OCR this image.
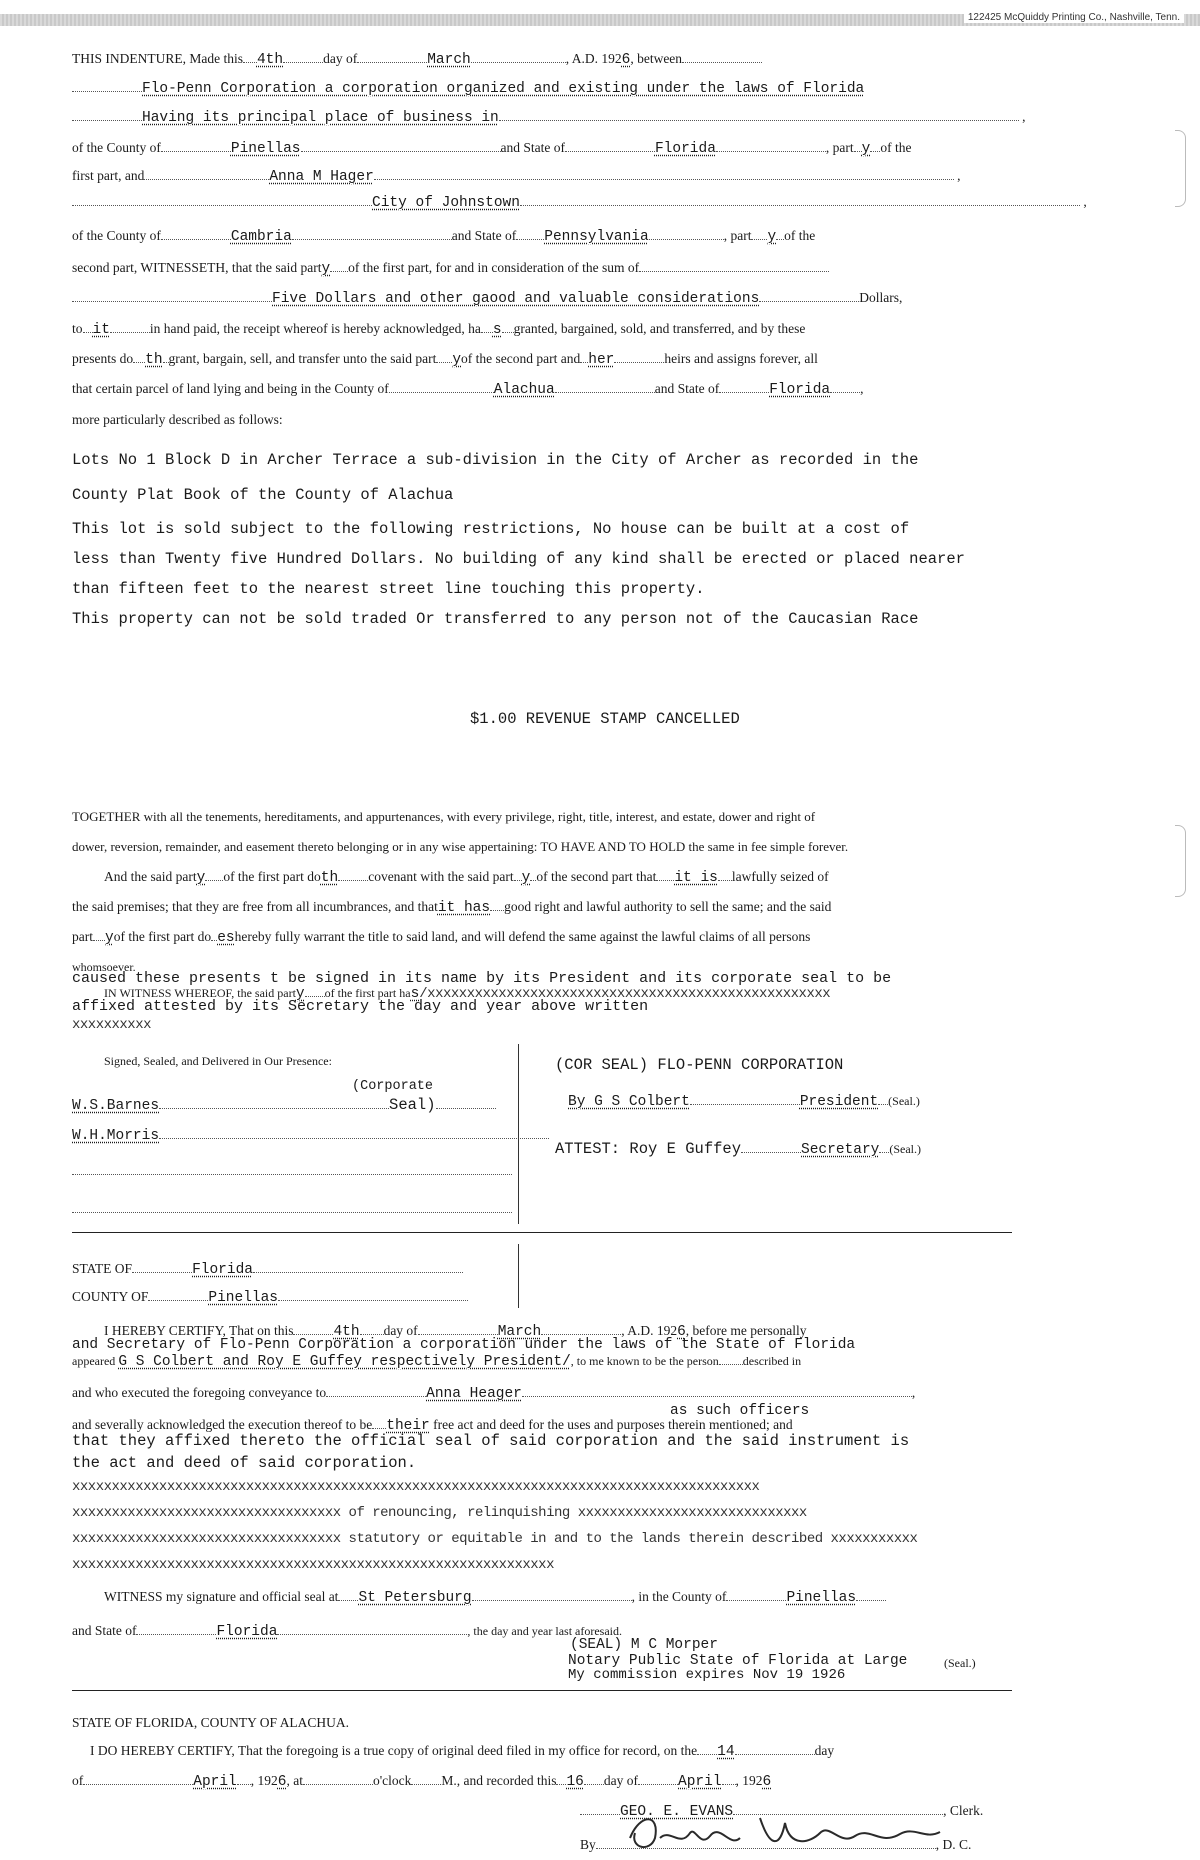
122425 McQuiddy Printing Co., Nashville, Tenn.
THIS INDENTURE, Made this 4th	day of	March	, A.D. 1926, between
Flo-Penn Corporation a corporation organized and existing under the laws of Florida
Having its principal place of business in	,
of the County of	Pinellas	and State of	Florida	, part y of the
first part, and	Anna M Hager	,
City of Johnstown	,
of the County of	Cambria	and State of Pennsylvania	, part y of the
second part, WITNESSETH, that the said party of the first part, for and in consideration of the sum of
Five Dollars and other gaood and valuable considerations	Dollars,
to it	in hand paid, the receipt whereof is hereby acknowledged, ha s granted, bargained, sold, and transferred, and by these
presents do th grant, bargain, sell, and transfer unto the said part yof the second part and her	heirs and assigns forever, all
that certain parcel of land lying and being in the County of	Alachua	and State of	Florida ,
more particularly described as follows:
Lots No 1 Block D in Archer Terrace a sub-division in the City of Archer as recorded in the
County Plat Book of the County of Alachua
This lot is sold subject to the following restrictions, No house can be built at a cost of
less than Twenty five Hundred Dollars. No building of any kind shall be erected or placed nearer
than fifteen feet to the nearest street line touching this property.
This property can not be sold traded Or transferred to any person not of the Caucasian Race
$1.00 REVENUE STAMP CANCELLED
TOGETHER with all the tenements, hereditaments, and appurtenances, with every privilege, right, title, interest, and estate, dower and right of
dower, reversion, remainder, and easement thereto belonging or in any wise appertaining: TO HAVE AND TO HOLD the same in fee simple forever.
And the said party of the first part doth covenant with the said part y of the second part that it is lawfully seized of
the said premises; that they are free from all incumbrances, and thatit has good right and lawful authority to sell the same; and the said
part yof the first part do eshereby fully warrant the title to said land, and will defend the same against the lawful claims of all persons
whomsoever.
caused these presents t be signed in its name by its President and its corporate seal to be
IN WITNESS WHEREOF, the said party of the first part has/xxxxxxxxxxxxxxxxxxxxxxxxxxxxxxxxxxxxxxxxxxxxxxxxxxx
affixed attested by its Secretary the day and year above written
xxxxxxxxxx
Signed, Sealed, and Delivered in Our Presence:
(Corporate
W.S.Barnes	Seal)
W.H.Morris
(COR SEAL) FLO-PENN CORPORATION
By G S Colbert	President (Seal.)
ATTEST: Roy E Guffey	Secretary (Seal.)
STATE OF	Florida
COUNTY OF	Pinellas
I HEREBY CERTIFY, That on this	4th day of	March	, A.D. 1926, before me personally
and Secretary of Flo-Penn Corporation a corporation under the laws of the State of Florida
appeared G S Colbert and Roy E Guffey respectively President/, to me known to be the person described in
and who executed the foregoing conveyance to	Anna Heager	,
as such officers
and severally acknowledged the execution thereof to be their free act and deed for the uses and purposes therein mentioned; and
that they affixed thereto the official seal of said corporation and the said instrument is
the act and deed of said corporation.
xxxxxxxxxxxxxxxxxxxxxxxxxxxxxxxxxxxxxxxxxxxxxxxxxxxxxxxxxxxxxxxxxxxxxxxxxxxxxxxxxxxxxxx
xxxxxxxxxxxxxxxxxxxxxxxxxxxxxxxxxx of renouncing, relinquishing xxxxxxxxxxxxxxxxxxxxxxxxxxxxx
xxxxxxxxxxxxxxxxxxxxxxxxxxxxxxxxxx statutory or equitable in and to the lands therein described xxxxxxxxxxx
xxxxxxxxxxxxxxxxxxxxxxxxxxxxxxxxxxxxxxxxxxxxxxxxxxxxxxxxxxxxx
WITNESS my signature and official seal at St Petersburg	, in the County of	Pinellas
and State of	Florida	, the day and year last aforesaid.
(SEAL) M C Morper
Notary Public State of Florida at Large
My commission expires Nov 19 1926
(Seal.)
STATE OF FLORIDA, COUNTY OF ALACHUA.
I DO HEREBY CERTIFY, That the foregoing is a true copy of original deed filed in my office for record, on the 14	day
of	April , 1926, at	o'clock M., and recorded this 16 day of	April , 1926
GEO. E. EVANS	, Clerk.
By	, D. C.
